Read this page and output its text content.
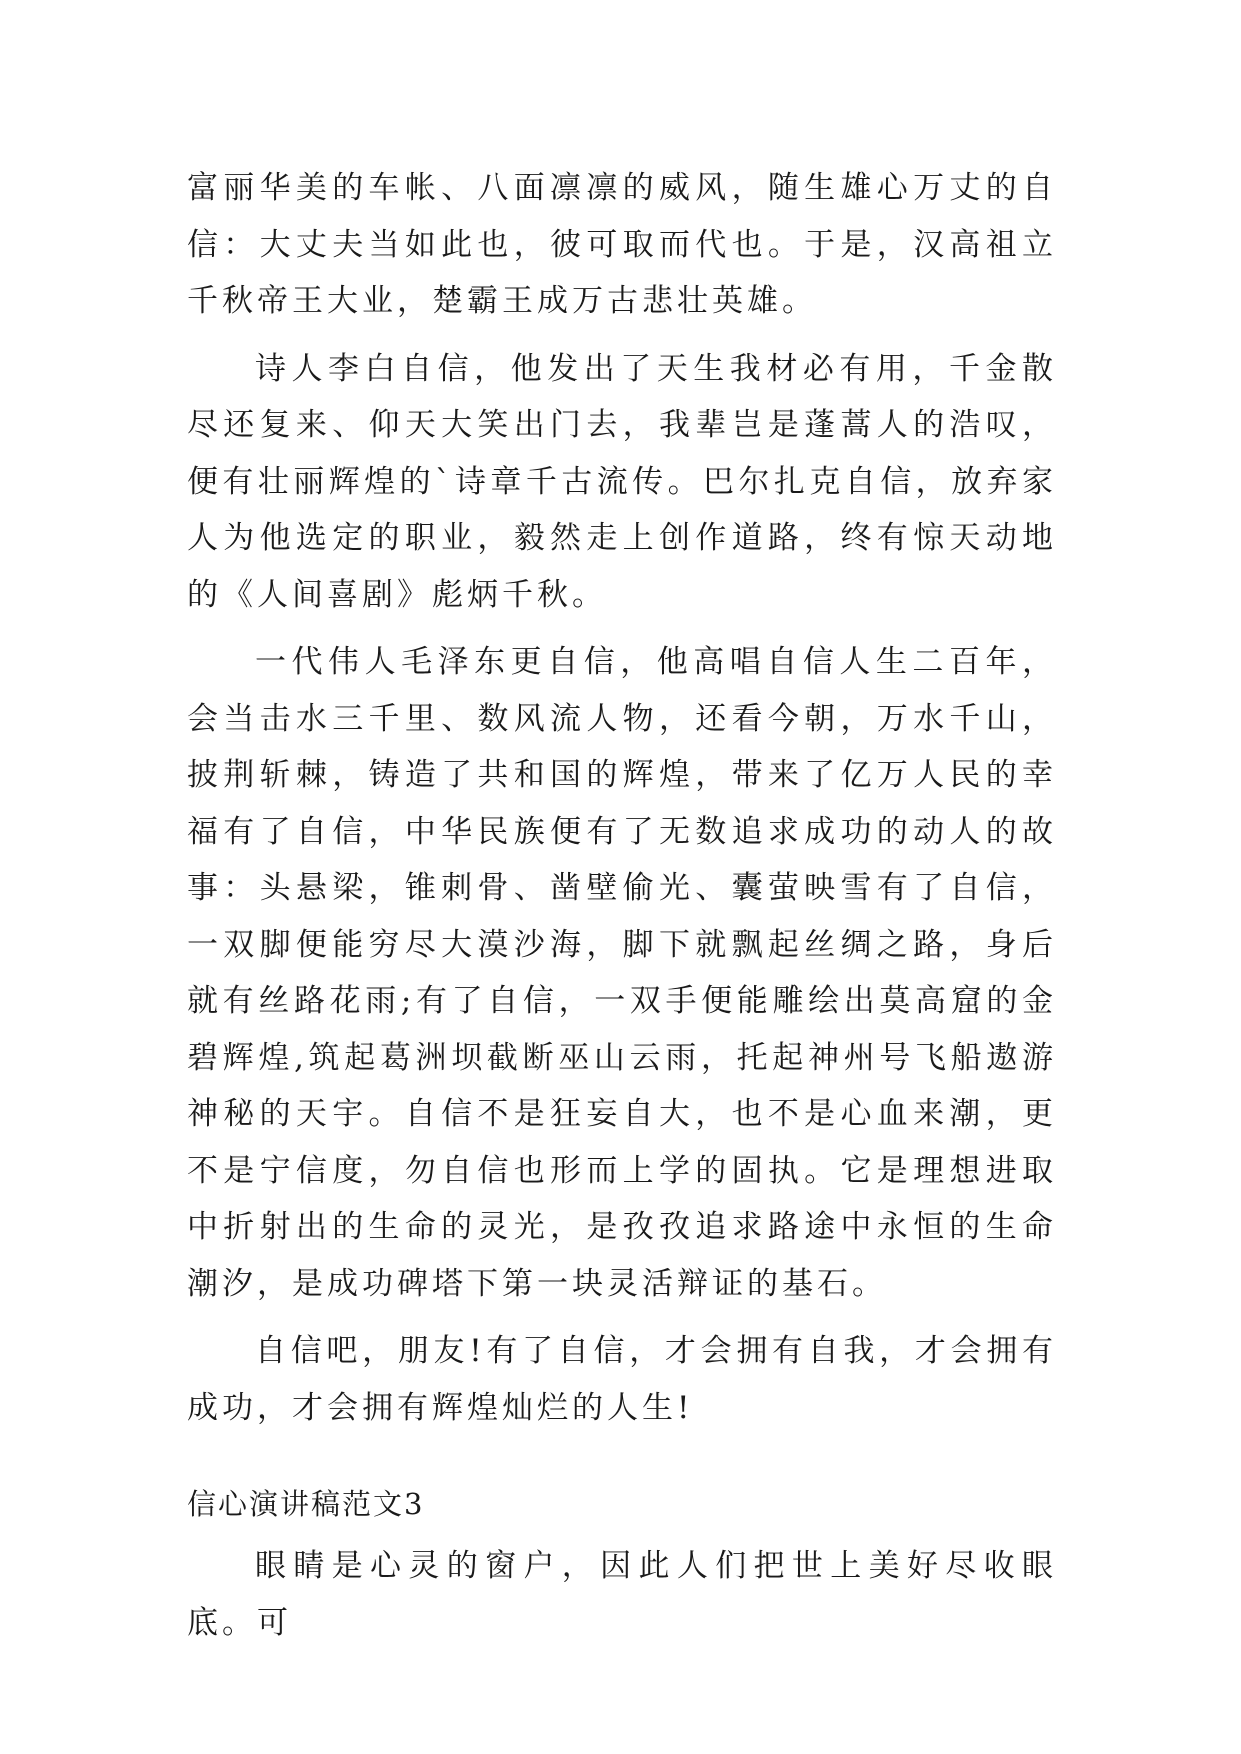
富丽华美的车帐、八面凛凛的威风，随生雄心万丈的自信：大丈夫当如此也，彼可取而代也。于是，汉高祖立千秋帝王大业，楚霸王成万古悲壮英雄。

诗人李白自信，他发出了天生我材必有用，千金散尽还复来、仰天大笑出门去，我辈岂是蓬蒿人的浩叹，便有壮丽辉煌的`诗章千古流传。巴尔扎克自信，放弃家人为他选定的职业，毅然走上创作道路，终有惊天动地的《人间喜剧》彪炳千秋。

一代伟人毛泽东更自信，他高唱自信人生二百年，会当击水三千里、数风流人物，还看今朝，万水千山，披荆斩棘，铸造了共和国的辉煌，带来了亿万人民的幸福有了自信，中华民族便有了无数追求成功的动人的故事：头悬梁，锥刺骨、凿壁偷光、囊萤映雪有了自信，一双脚便能穷尽大漠沙海，脚下就飘起丝绸之路，身后就有丝路花雨;有了自信，一双手便能雕绘出莫高窟的金碧辉煌,筑起葛洲坝截断巫山云雨，托起神州号飞船遨游神秘的天宇。自信不是狂妄自大，也不是心血来潮，更不是宁信度，勿自信也形而上学的固执。它是理想进取中折射出的生命的灵光，是孜孜追求路途中永恒的生命潮汐，是成功碑塔下第一块灵活辩证的基石。

自信吧，朋友!有了自信，才会拥有自我，才会拥有成功，才会拥有辉煌灿烂的人生!

信心演讲稿范文3

眼睛是心灵的窗户，因此人们把世上美好尽收眼底。可
